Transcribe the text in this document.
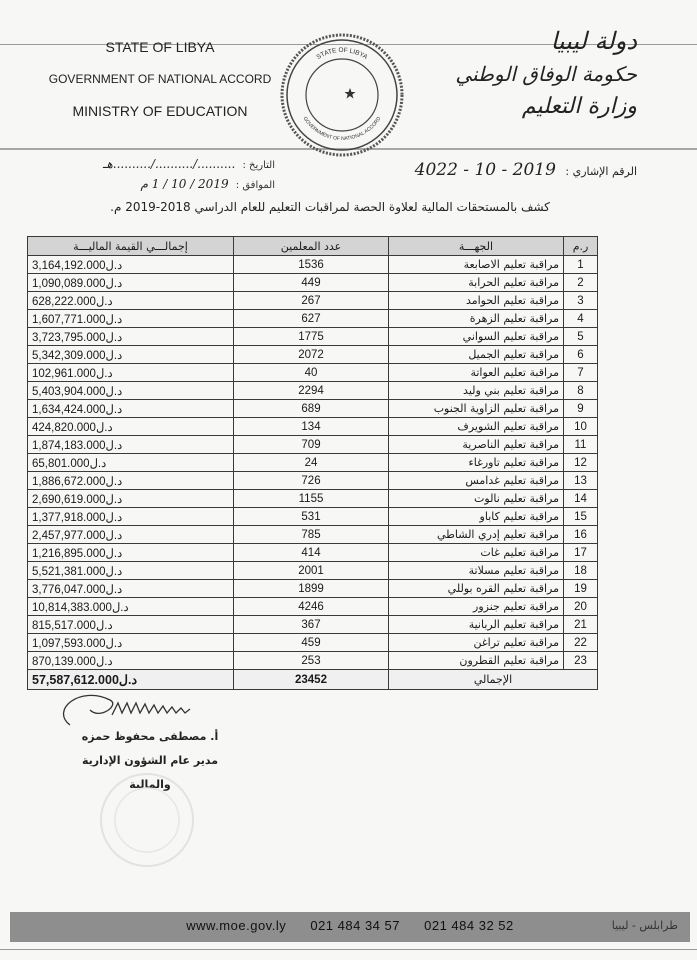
STATE OF LIBYA
GOVERNMENT OF NATIONAL ACCORD
MINISTRY OF EDUCATION
دولة ليبيا
حكومة الوفاق الوطني
وزارة التعليم
STATE OF LIBYA
GOVERNMENT OF NATIONAL ACCORD
التاريخ : ........../........../..........هـ
الموافق : 2019 / 10 / 1 م
الرقم الإشاري : 2019 - 10 - 4022
كشف بالمستحقات المالية لعلاوة الحصة لمراقبات التعليم للعام الدراسي 2018-2019 م.
ر.م	الجهـــة	عدد المعلمين	إجمالـــي القيمة الماليـــة
1	مراقبة تعليم الاصابعة	1536	3,164,192.000د.ل
2	مراقبة تعليم الحرابة	449	1,090,089.000د.ل
3	مراقبة تعليم الحوامد	267	628,222.000د.ل
4	مراقبة تعليم الزهرة	627	1,607,771.000د.ل
5	مراقبة تعليم السواني	1775	3,723,795.000د.ل
6	مراقبة تعليم الجميل	2072	5,342,309.000د.ل
7	مراقبة تعليم العواتة	40	102,961.000د.ل
8	مراقبة تعليم بني وليد	2294	5,403,904.000د.ل
9	مراقبة تعليم الزاوية الجنوب	689	1,634,424.000د.ل
10	مراقبة تعليم الشويرف	134	424,820.000د.ل
11	مراقبة تعليم الناصرية	709	1,874,183.000د.ل
12	مراقبة تعليم تاورغاء	24	65,801.000د.ل
13	مراقبة تعليم غدامس	726	1,886,672.000د.ل
14	مراقبة تعليم نالوت	1155	2,690,619.000د.ل
15	مراقبة تعليم كاباو	531	1,377,918.000د.ل
16	مراقبة تعليم إدري الشاطي	785	2,457,977.000د.ل
17	مراقبة تعليم غات	414	1,216,895.000د.ل
18	مراقبة تعليم مسلاتة	2001	5,521,381.000د.ل
19	مراقبة تعليم القره بوللي	1899	3,776,047.000د.ل
20	مراقبة تعليم جنزور	4246	10,814,383.000د.ل
21	مراقبة تعليم الربانية	367	815,517.000د.ل
22	مراقبة تعليم تراغن	459	1,097,593.000د.ل
23	مراقبة تعليم القطرون	253	870,139.000د.ل
الإجمالي		23452	57,587,612.000د.ل
أ. مصطفى محفوظ حمزه
مدير عام الشؤون الإدارية والمالية
www.moe.gov.ly 021 484 34 57 021 484 32 52	طرابلس - ليبيا
